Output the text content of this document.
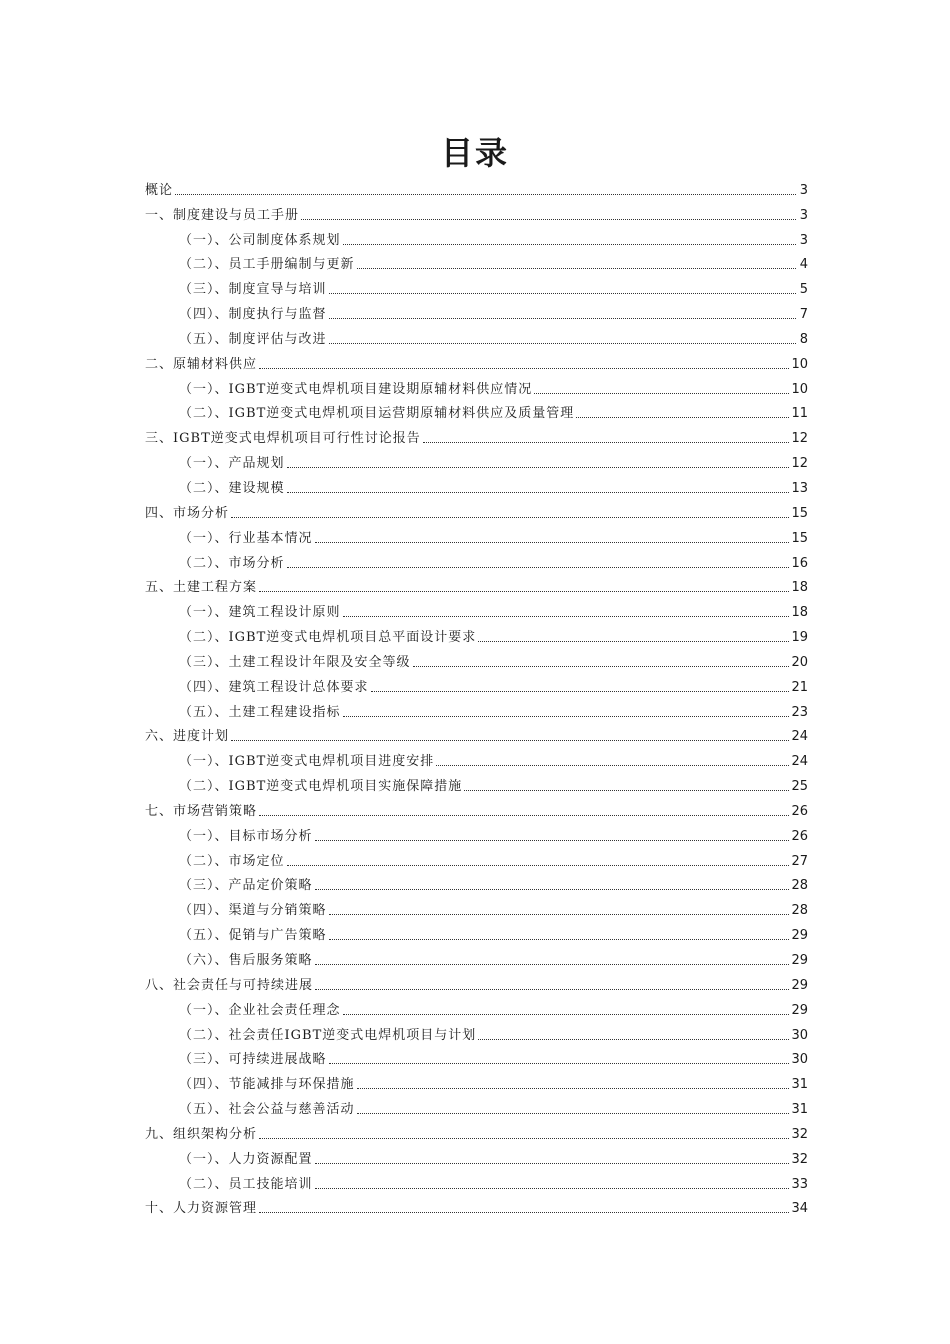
目录
概论	3
一、制度建设与员工手册	3
（一）、公司制度体系规划	3
（二）、员工手册编制与更新	4
（三）、制度宣导与培训	5
（四）、制度执行与监督	7
（五）、制度评估与改进	8
二、原辅材料供应	10
（一）、IGBT逆变式电焊机项目建设期原辅材料供应情况	10
（二）、IGBT逆变式电焊机项目运营期原辅材料供应及质量管理	11
三、IGBT逆变式电焊机项目可行性讨论报告	12
（一）、产品规划	12
（二）、建设规模	13
四、市场分析	15
（一）、行业基本情况	15
（二）、市场分析	16
五、土建工程方案	18
（一）、建筑工程设计原则	18
（二）、IGBT逆变式电焊机项目总平面设计要求	19
（三）、土建工程设计年限及安全等级	20
（四）、建筑工程设计总体要求	21
（五）、土建工程建设指标	23
六、进度计划	24
（一）、IGBT逆变式电焊机项目进度安排	24
（二）、IGBT逆变式电焊机项目实施保障措施	25
七、市场营销策略	26
（一）、目标市场分析	26
（二）、市场定位	27
（三）、产品定价策略	28
（四）、渠道与分销策略	28
（五）、促销与广告策略	29
（六）、售后服务策略	29
八、社会责任与可持续进展	29
（一）、企业社会责任理念	29
（二）、社会责任IGBT逆变式电焊机项目与计划	30
（三）、可持续进展战略	30
（四）、节能减排与环保措施	31
（五）、社会公益与慈善活动	31
九、组织架构分析	32
（一）、人力资源配置	32
（二）、员工技能培训	33
十、人力资源管理	34
